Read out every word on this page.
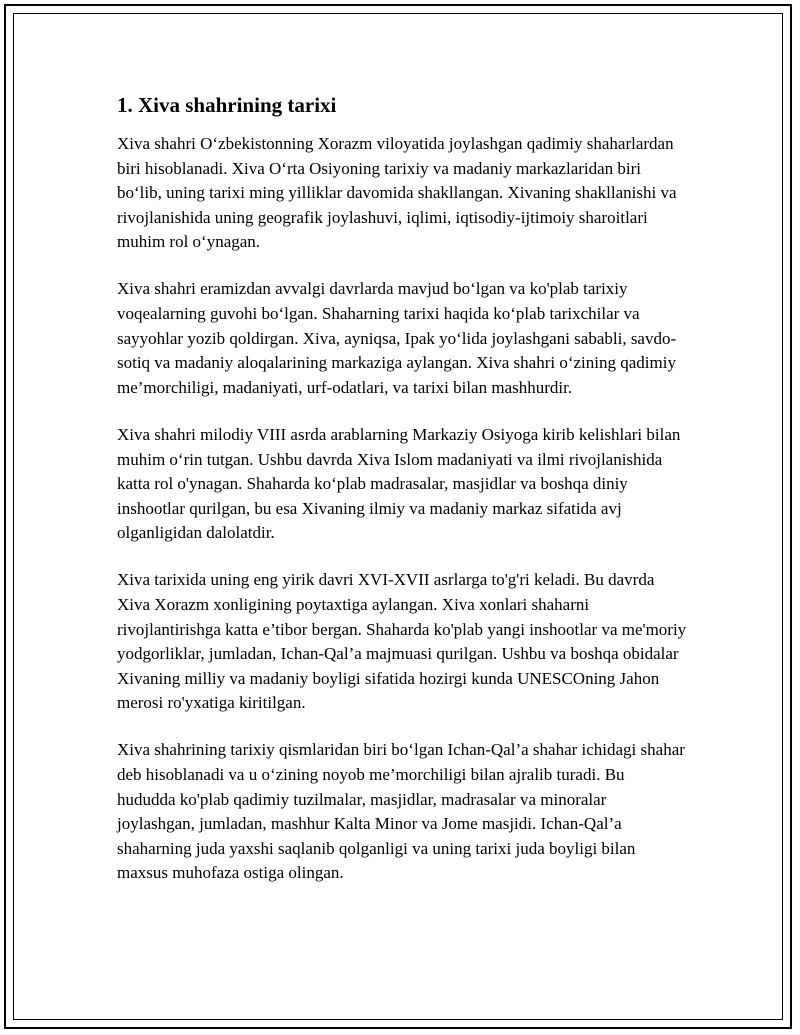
1. Xiva shahrining tarixi

Xiva shahri O‘zbekistonning Xorazm viloyatida joylashgan qadimiy shaharlardan biri hisoblanadi. Xiva O‘rta Osiyoning tarixiy va madaniy markazlaridan biri bo‘lib, uning tarixi ming yilliklar davomida shakllangan. Xivaning shakllanishi va rivojlanishida uning geografik joylashuvi, iqlimi, iqtisodiy-ijtimoiy sharoitlari muhim rol o‘ynagan.

Xiva shahri eramizdan avvalgi davrlarda mavjud bo‘lgan va ko'plab tarixiy voqealarning guvohi bo‘lgan. Shaharning tarixi haqida ko‘plab tarixchilar va sayyohlar yozib qoldirgan. Xiva, ayniqsa, Ipak yo‘lida joylashgani sababli, savdo-sotiq va madaniy aloqalarining markaziga aylangan. Xiva shahri o‘zining qadimiy me’morchiligi, madaniyati, urf-odatlari, va tarixi bilan mashhurdir.

Xiva shahri milodiy VIII asrda arablarning Markaziy Osiyoga kirib kelishlari bilan muhim o‘rin tutgan. Ushbu davrda Xiva Islom madaniyati va ilmi rivojlanishida katta rol o'ynagan. Shaharda ko‘plab madrasalar, masjidlar va boshqa diniy inshootlar qurilgan, bu esa Xivaning ilmiy va madaniy markaz sifatida avj olganligidan dalolatdir.

Xiva tarixida uning eng yirik davri XVI-XVII asrlarga to'g'ri keladi. Bu davrda Xiva Xorazm xonligining poytaxtiga aylangan. Xiva xonlari shaharni rivojlantirishga katta e’tibor bergan. Shaharda ko'plab yangi inshootlar va me'moriy yodgorliklar, jumladan, Ichan-Qal’a majmuasi qurilgan. Ushbu va boshqa obidalar Xivaning milliy va madaniy boyligi sifatida hozirgi kunda UNESCOning Jahon merosi ro'yxatiga kiritilgan.

Xiva shahrining tarixiy qismlaridan biri bo‘lgan Ichan-Qal’a shahar ichidagi shahar deb hisoblanadi va u o‘zining noyob me’morchiligi bilan ajralib turadi. Bu hududda ko'plab qadimiy tuzilmalar, masjidlar, madrasalar va minoralar joylashgan, jumladan, mashhur Kalta Minor va Jome masjidi. Ichan-Qal’a shaharning juda yaxshi saqlanib qolganligi va uning tarixi juda boyligi bilan maxsus muhofaza ostiga olingan.
